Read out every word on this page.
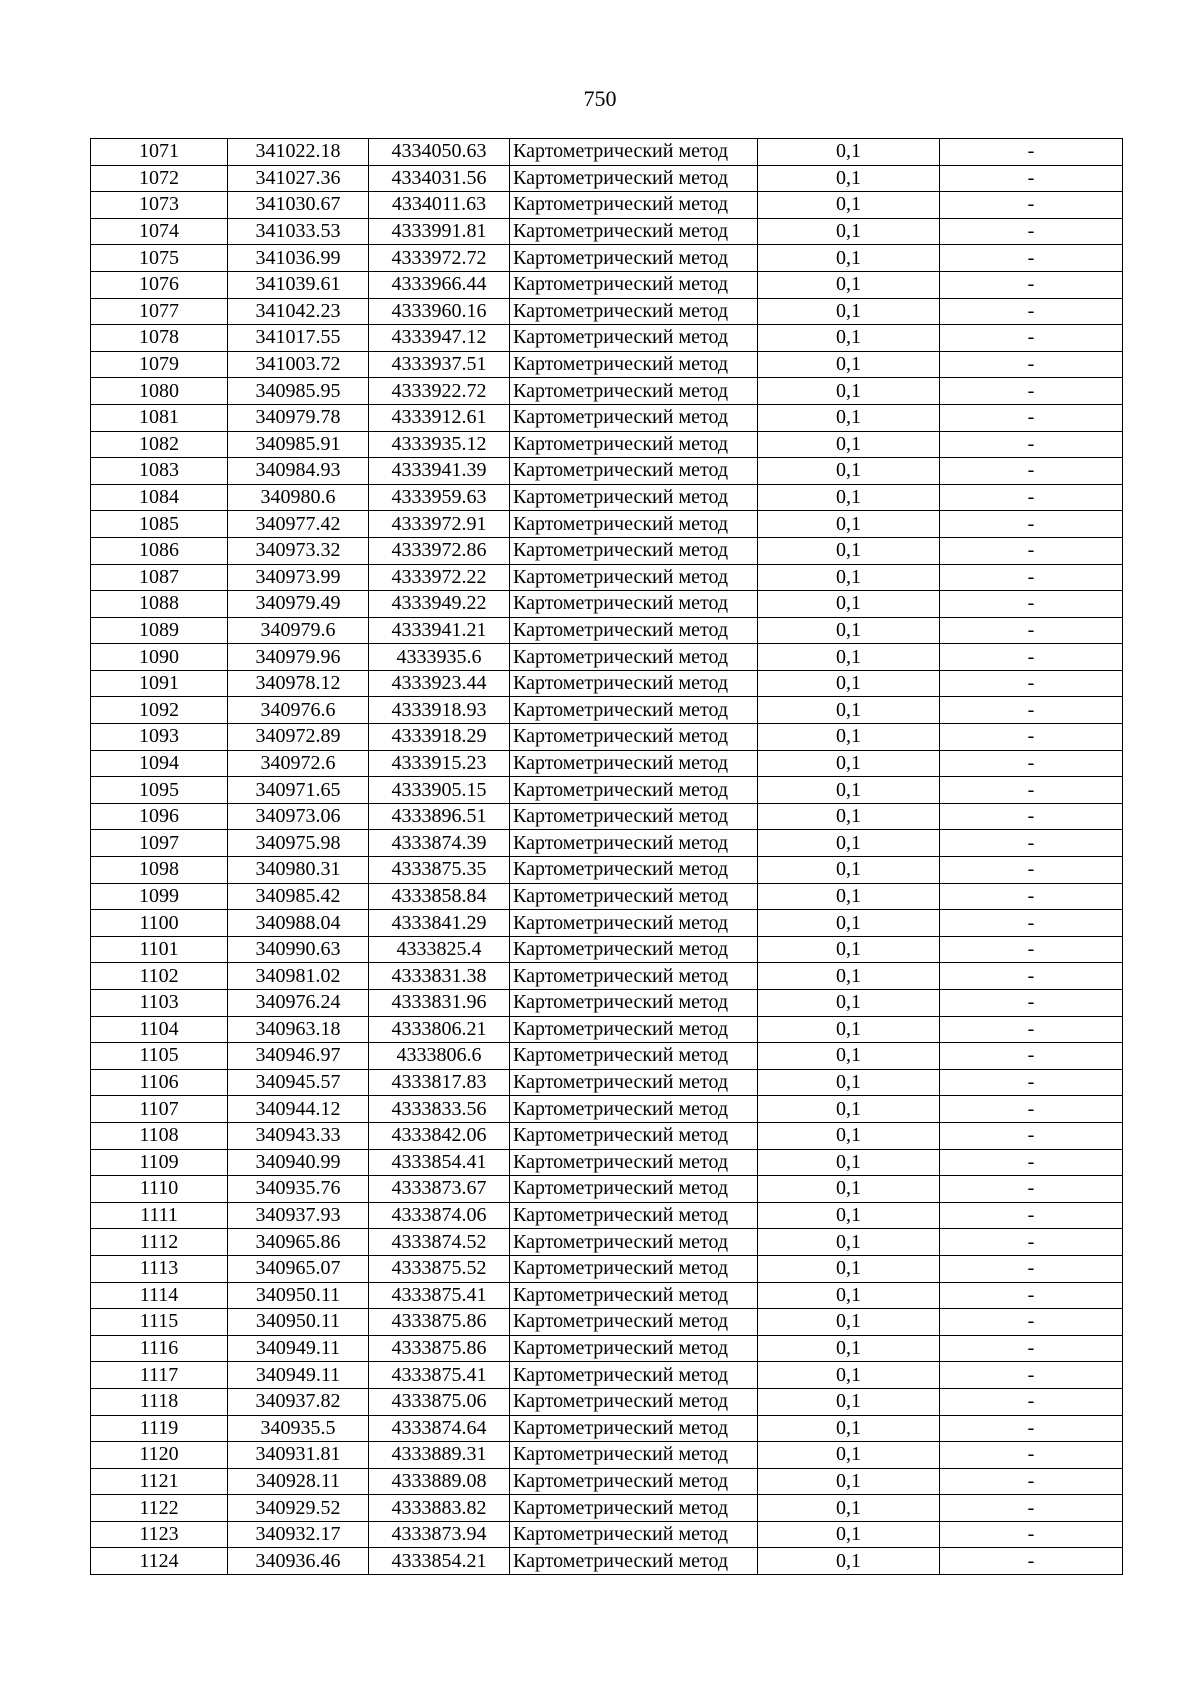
750
1071	341022.18	4334050.63	Картометрический метод	0,1	-
1072	341027.36	4334031.56	Картометрический метод	0,1	-
1073	341030.67	4334011.63	Картометрический метод	0,1	-
1074	341033.53	4333991.81	Картометрический метод	0,1	-
1075	341036.99	4333972.72	Картометрический метод	0,1	-
1076	341039.61	4333966.44	Картометрический метод	0,1	-
1077	341042.23	4333960.16	Картометрический метод	0,1	-
1078	341017.55	4333947.12	Картометрический метод	0,1	-
1079	341003.72	4333937.51	Картометрический метод	0,1	-
1080	340985.95	4333922.72	Картометрический метод	0,1	-
1081	340979.78	4333912.61	Картометрический метод	0,1	-
1082	340985.91	4333935.12	Картометрический метод	0,1	-
1083	340984.93	4333941.39	Картометрический метод	0,1	-
1084	340980.6	4333959.63	Картометрический метод	0,1	-
1085	340977.42	4333972.91	Картометрический метод	0,1	-
1086	340973.32	4333972.86	Картометрический метод	0,1	-
1087	340973.99	4333972.22	Картометрический метод	0,1	-
1088	340979.49	4333949.22	Картометрический метод	0,1	-
1089	340979.6	4333941.21	Картометрический метод	0,1	-
1090	340979.96	4333935.6	Картометрический метод	0,1	-
1091	340978.12	4333923.44	Картометрический метод	0,1	-
1092	340976.6	4333918.93	Картометрический метод	0,1	-
1093	340972.89	4333918.29	Картометрический метод	0,1	-
1094	340972.6	4333915.23	Картометрический метод	0,1	-
1095	340971.65	4333905.15	Картометрический метод	0,1	-
1096	340973.06	4333896.51	Картометрический метод	0,1	-
1097	340975.98	4333874.39	Картометрический метод	0,1	-
1098	340980.31	4333875.35	Картометрический метод	0,1	-
1099	340985.42	4333858.84	Картометрический метод	0,1	-
1100	340988.04	4333841.29	Картометрический метод	0,1	-
1101	340990.63	4333825.4	Картометрический метод	0,1	-
1102	340981.02	4333831.38	Картометрический метод	0,1	-
1103	340976.24	4333831.96	Картометрический метод	0,1	-
1104	340963.18	4333806.21	Картометрический метод	0,1	-
1105	340946.97	4333806.6	Картометрический метод	0,1	-
1106	340945.57	4333817.83	Картометрический метод	0,1	-
1107	340944.12	4333833.56	Картометрический метод	0,1	-
1108	340943.33	4333842.06	Картометрический метод	0,1	-
1109	340940.99	4333854.41	Картометрический метод	0,1	-
1110	340935.76	4333873.67	Картометрический метод	0,1	-
1111	340937.93	4333874.06	Картометрический метод	0,1	-
1112	340965.86	4333874.52	Картометрический метод	0,1	-
1113	340965.07	4333875.52	Картометрический метод	0,1	-
1114	340950.11	4333875.41	Картометрический метод	0,1	-
1115	340950.11	4333875.86	Картометрический метод	0,1	-
1116	340949.11	4333875.86	Картометрический метод	0,1	-
1117	340949.11	4333875.41	Картометрический метод	0,1	-
1118	340937.82	4333875.06	Картометрический метод	0,1	-
1119	340935.5	4333874.64	Картометрический метод	0,1	-
1120	340931.81	4333889.31	Картометрический метод	0,1	-
1121	340928.11	4333889.08	Картометрический метод	0,1	-
1122	340929.52	4333883.82	Картометрический метод	0,1	-
1123	340932.17	4333873.94	Картометрический метод	0,1	-
1124	340936.46	4333854.21	Картометрический метод	0,1	-
